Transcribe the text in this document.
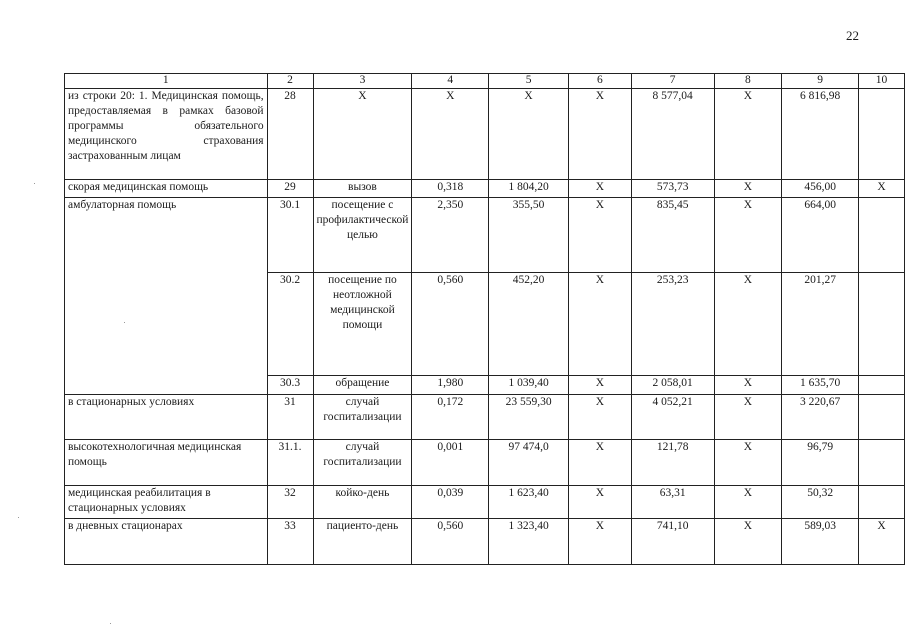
22
1	2	3	4	5	6	7	8	9	10
из строки 20: 1. Медицинская помощь, предоставляемая в рамках базовой программы обязательного медицинского страхования застрахованным лицам	28	Х	Х	Х	Х	8 577,04	Х	6 816,98	
скорая медицинская помощь	29	вызов	0,318	1 804,20	Х	573,73	Х	456,00	Х
амбулаторная помощь	30.1	посещение с профилактической целью	2,350	355,50	Х	835,45	Х	664,00	
	30.2	посещение по неотложной медицинской помощи	0,560	452,20	Х	253,23	Х	201,27	
	30.3	обращение	1,980	1 039,40	Х	2 058,01	Х	1 635,70	
в стационарных условиях	31	случай госпитализации	0,172	23 559,30	Х	4 052,21	Х	3 220,67	
высокотехнологичная медицинская помощь	31.1.	случай госпитализации	0,001	97 474,0	Х	121,78	Х	96,79	
медицинская реабилитация в стационарных условиях	32	койко-день	0,039	1 623,40	Х	63,31	Х	50,32	
в дневных стационарах	33	пациенто-день	0,560	1 323,40	Х	741,10	Х	589,03	Х
